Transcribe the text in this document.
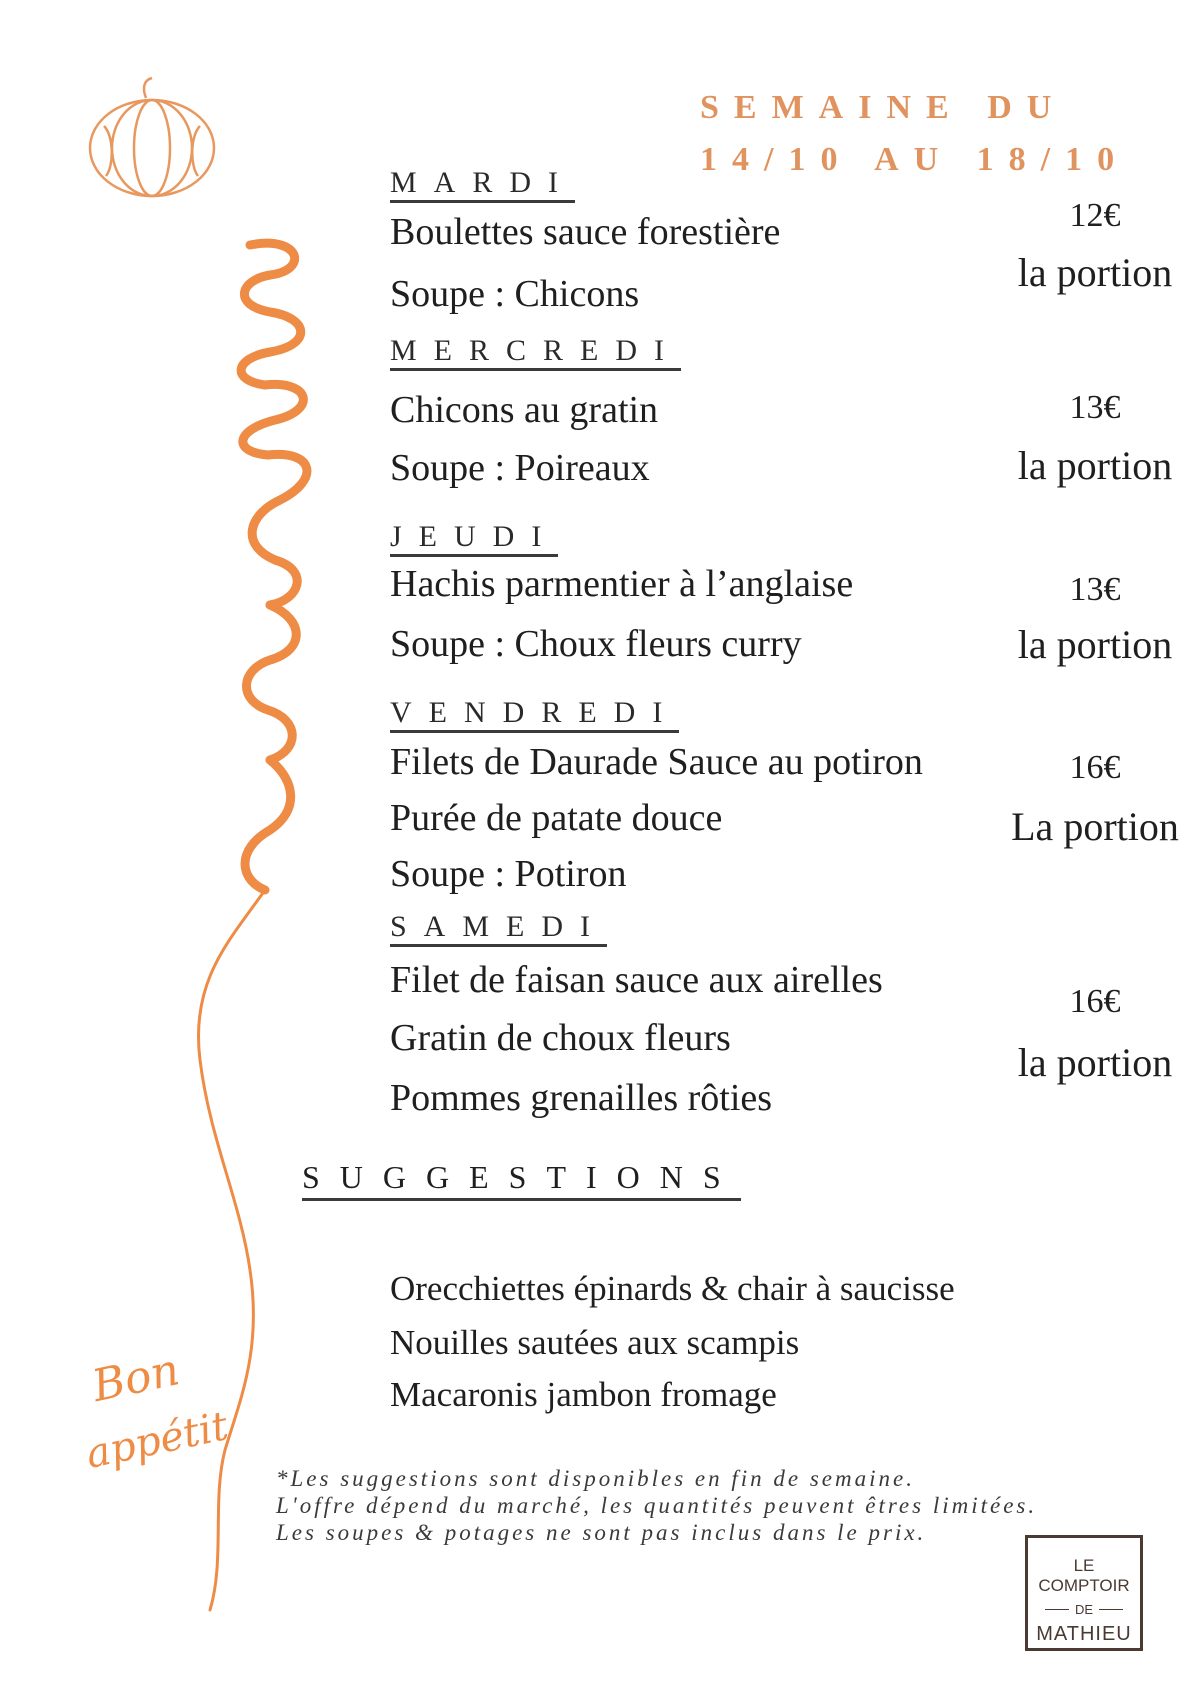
Bon
appétit
SEMAINE DU
14/10 AU 18/10
MARDI
Boulettes sauce forestière
Soupe : Chicons
12€
la portion
MERCREDI
Chicons au gratin
Soupe : Poireaux
13€
la portion
JEUDI
Hachis parmentier à l’anglaise
Soupe : Choux fleurs curry
13€
la portion
VENDREDI
Filets de Daurade Sauce au potiron
Purée de patate douce
Soupe : Potiron
16€
La portion
SAMEDI
Filet de faisan sauce aux airelles
Gratin de choux fleurs
Pommes grenailles rôties
16€
la portion
SUGGESTIONS
Orecchiettes épinards & chair à saucisse
Nouilles sautées aux scampis
Macaronis jambon fromage
*Les suggestions sont disponibles en fin de semaine.
L'offre dépend du marché, les quantités peuvent êtres limitées.
Les soupes & potages ne sont pas inclus dans le prix.
LE COMPTOIR
DE
MATHIEU
